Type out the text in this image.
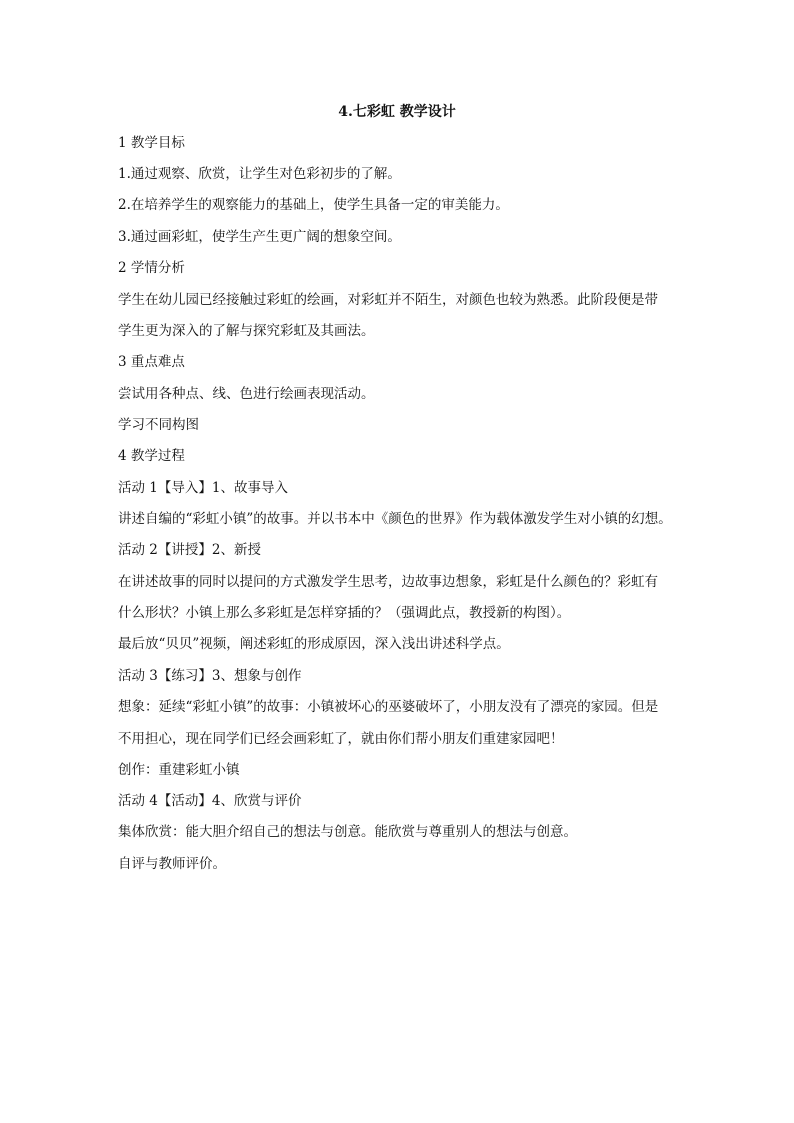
4.七彩虹 教学设计
1 教学目标
1.通过观察、欣赏，让学生对色彩初步的了解。
2.在培养学生的观察能力的基础上，使学生具备一定的审美能力。
3.通过画彩虹，使学生产生更广阔的想象空间。
2 学情分析
学生在幼儿园已经接触过彩虹的绘画，对彩虹并不陌生，对颜色也较为熟悉。此阶段便是带
学生更为深入的了解与探究彩虹及其画法。
3 重点难点
尝试用各种点、线、色进行绘画表现活动。
学习不同构图
4 教学过程
活动 1【导入】1、故事导入
讲述自编的“彩虹小镇”的故事。并以书本中《颜色的世界》作为载体激发学生对小镇的幻想。
活动 2【讲授】2、新授
在讲述故事的同时以提问的方式激发学生思考，边故事边想象，彩虹是什么颜色的？彩虹有
什么形状？小镇上那么多彩虹是怎样穿插的？（强调此点，教授新的构图）。
最后放“贝贝”视频，阐述彩虹的形成原因，深入浅出讲述科学点。
活动 3【练习】3、想象与创作
想象：延续“彩虹小镇”的故事：小镇被坏心的巫婆破坏了，小朋友没有了漂亮的家园。但是
不用担心，现在同学们已经会画彩虹了，就由你们帮小朋友们重建家园吧！
创作：重建彩虹小镇
活动 4【活动】4、欣赏与评价
集体欣赏：能大胆介绍自己的想法与创意。能欣赏与尊重别人的想法与创意。
自评与教师评价。
